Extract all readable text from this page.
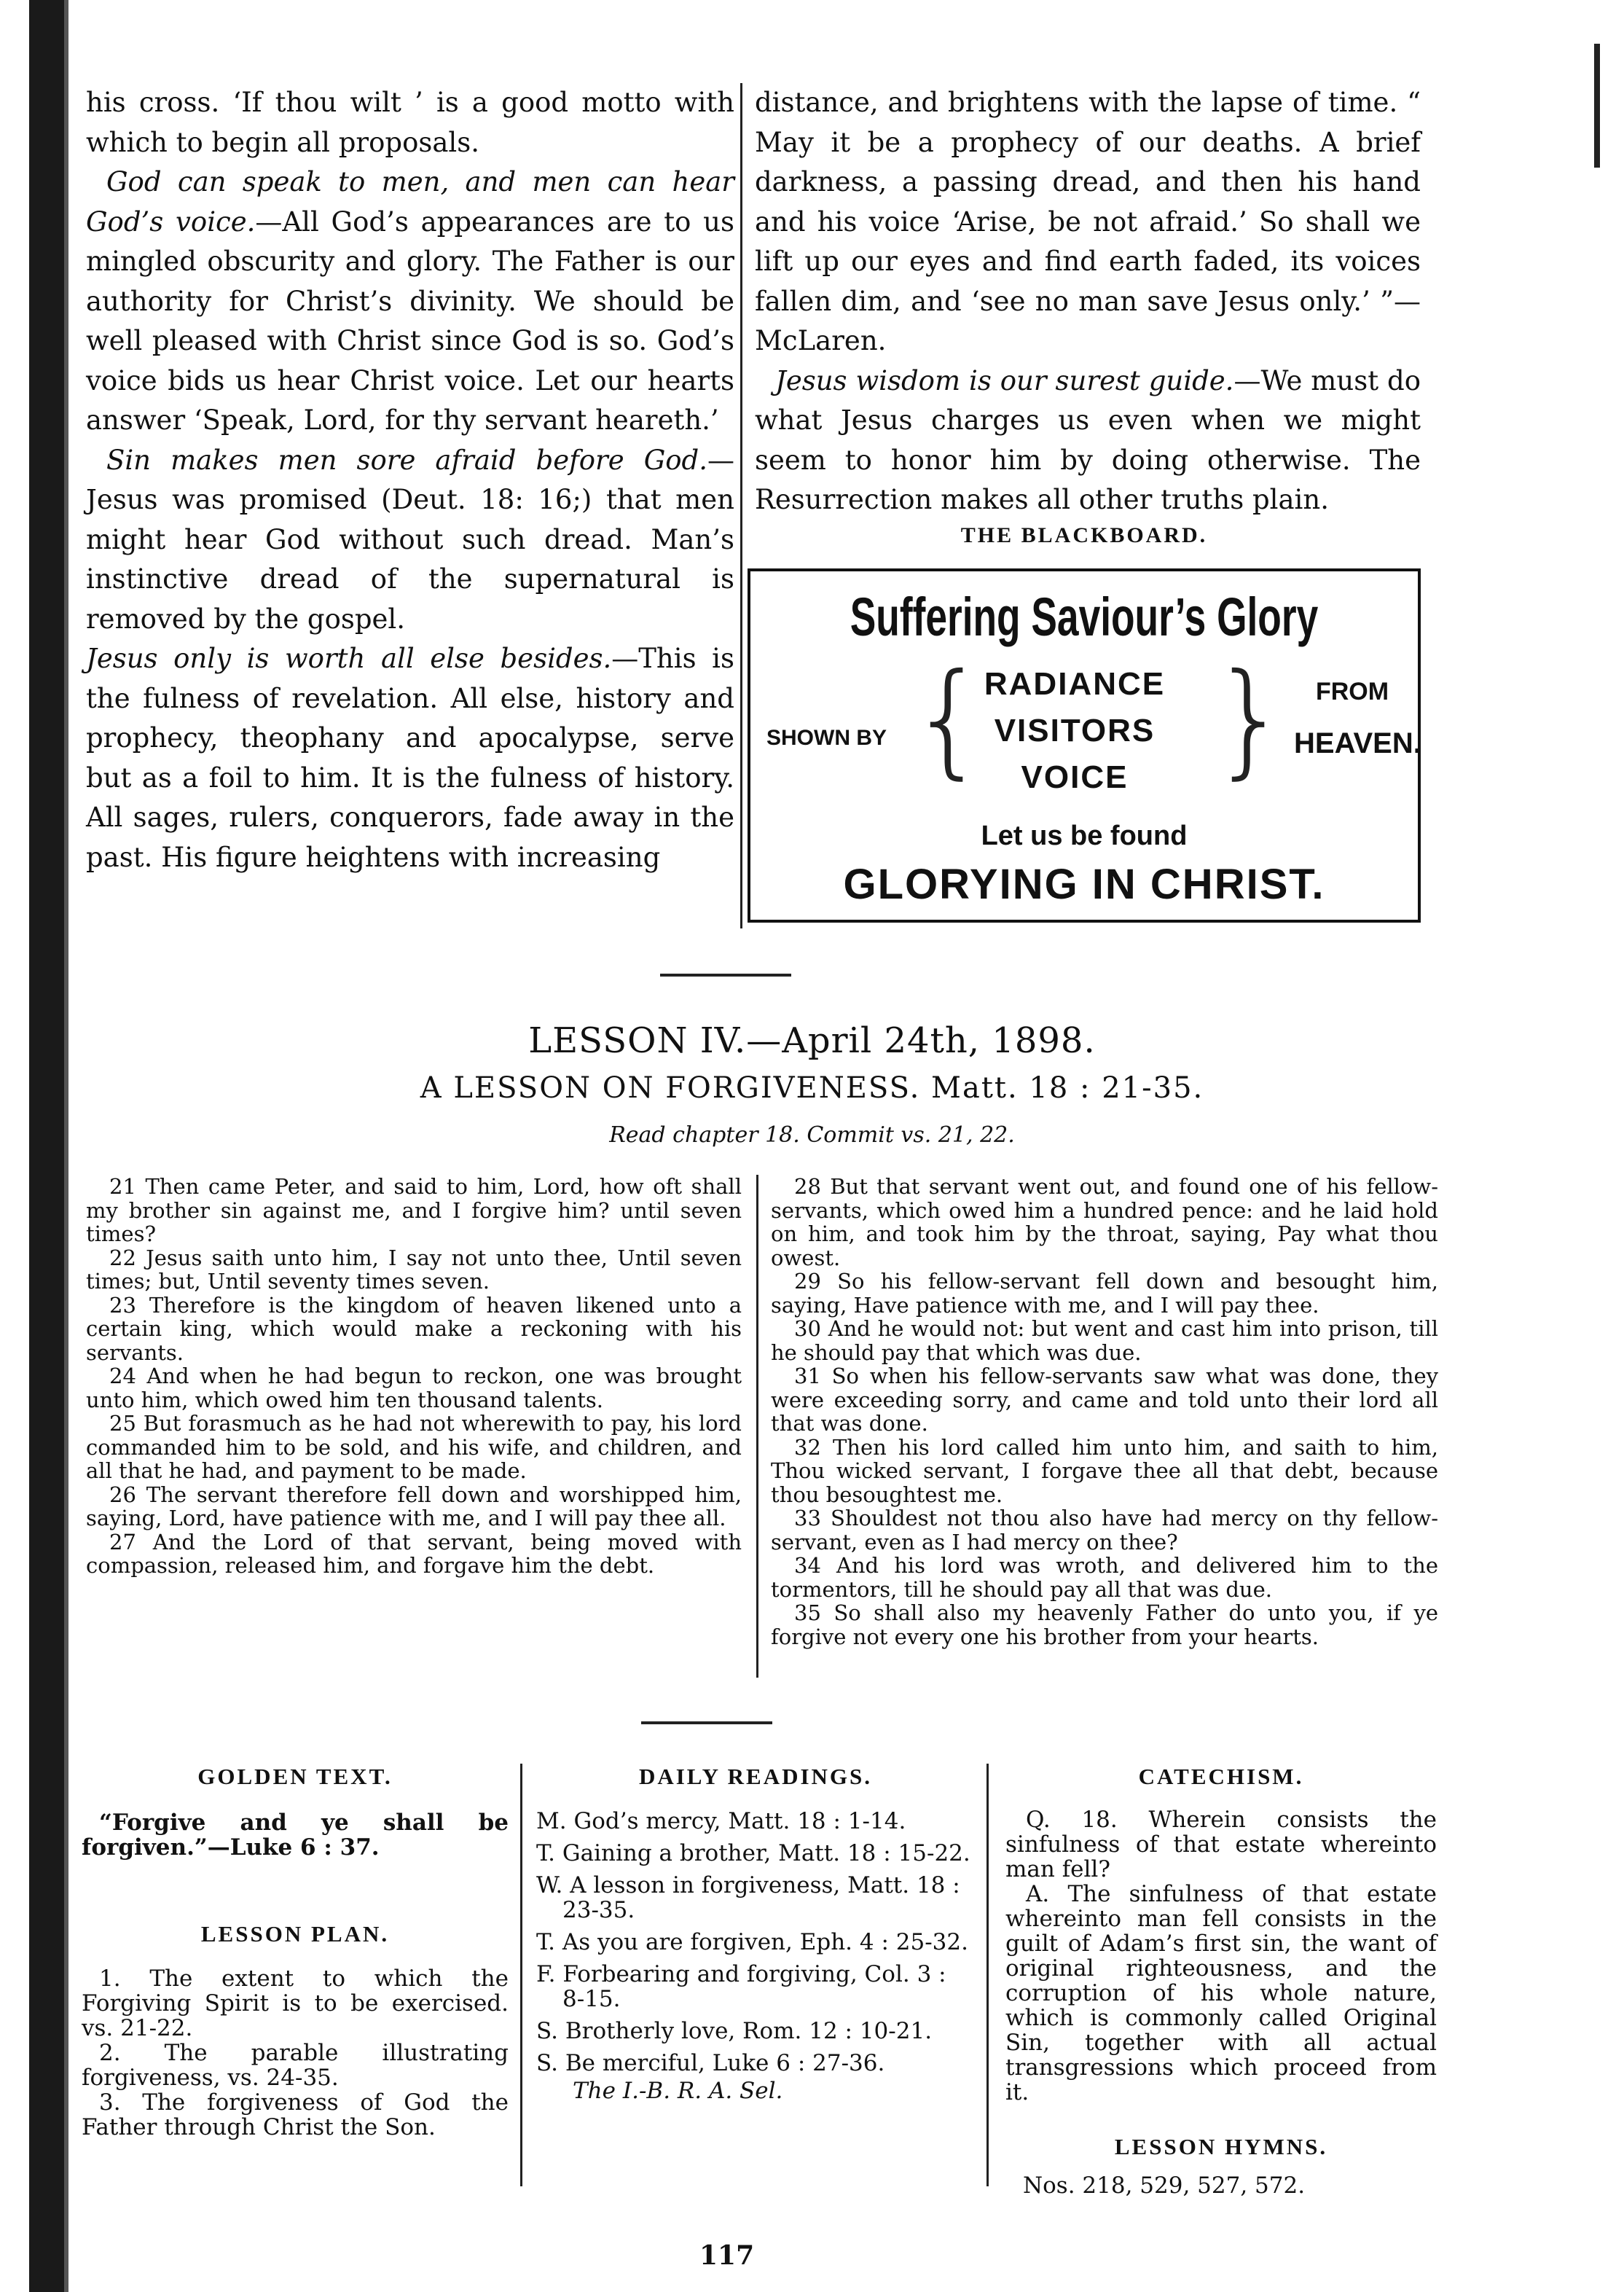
his cross. ‘If thou wilt ’ is a good motto with which to begin all proposals.

God can speak to men, and men can hear God’s voice.—All God’s appearances are to us mingled obscurity and glory. The Father is our authority for Christ’s divinity. We should be well pleased with Christ since God is so. God’s voice bids us hear Christ voice. Let our hearts answer ‘Speak, Lord, for thy servant heareth.’

Sin makes men sore afraid before God.—Jesus was promised (Deut. 18: 16;) that men might hear God without such dread. Man’s instinctive dread of the supernatural is removed by the gospel.

Jesus only is worth all else besides.—This is the fulness of revelation. All else, history and prophecy, theophany and apocalypse, serve but as a foil to him. It is the fulness of history. All sages, rulers, conquerors, fade away in the past. His figure heightens with increasing

distance, and brightens with the lapse of time. “ May it be a prophecy of our deaths. A brief darkness, a passing dread, and then his hand and his voice ‘Arise, be not afraid.’ So shall we lift up our eyes and find earth faded, its voices fallen dim, and ‘see no man save Jesus only.’ ”—McLaren.

Jesus wisdom is our surest guide.—We must do what Jesus charges us even when we might seem to honor him by doing otherwise. The Resurrection makes all other truths plain.

THE BLACKBOARD.
Suffering Saviour’s Glory
SHOWN BY {
RADIANCE
VISITORS
VOICE }	FROM
HEAVEN.
Let us be found
GLORYING IN CHRIST.
LESSON IV.—April 24th, 1898.
A LESSON ON FORGIVENESS. Matt. 18 : 21-35.
Read chapter 18. Commit vs. 21, 22.

21 Then came Peter, and said to him, Lord, how oft shall my brother sin against me, and I forgive him? until seven times?

22 Jesus saith unto him, I say not unto thee, Until seven times; but, Until seventy times seven.

23 Therefore is the kingdom of heaven likened unto a certain king, which would make a reckoning with his servants.

24 And when he had begun to reckon, one was brought unto him, which owed him ten thousand talents.

25 But forasmuch as he had not wherewith to pay, his lord commanded him to be sold, and his wife, and children, and all that he had, and payment to be made.

26 The servant therefore fell down and worshipped him, saying, Lord, have patience with me, and I will pay thee all.

27 And the Lord of that servant, being moved with compassion, released him, and forgave him the debt.

28 But that servant went out, and found one of his fellow-servants, which owed him a hundred pence: and he laid hold on him, and took him by the throat, saying, Pay what thou owest.

29 So his fellow-servant fell down and besought him, saying, Have patience with me, and I will pay thee.

30 And he would not: but went and cast him into prison, till he should pay that which was due.

31 So when his fellow-servants saw what was done, they were exceeding sorry, and came and told unto their lord all that was done.

32 Then his lord called him unto him, and saith to him, Thou wicked servant, I forgave thee all that debt, because thou besoughtest me.

33 Shouldest not thou also have had mercy on thy fellow-servant, even as I had mercy on thee?

34 And his lord was wroth, and delivered him to the tormentors, till he should pay all that was due.

35 So shall also my heavenly Father do unto you, if ye forgive not every one his brother from your hearts.

GOLDEN TEXT.
“Forgive and ye shall be forgiven.”—Luke 6 : 37.
LESSON PLAN.
1. The extent to which the Forgiving Spirit is to be exercised. vs. 21-22.
2. The parable illustrating forgiveness, vs. 24-35.
3. The forgiveness of God the Father through Christ the Son.
DAILY READINGS.

M. God’s mercy, Matt. 18 : 1-14.

T. Gaining a brother, Matt. 18 : 15-22.

W. A lesson in forgiveness, Matt. 18 : 23-35.

T. As you are forgiven, Eph. 4 : 25-32.

F. Forbearing and forgiving, Col. 3 : 8-15.

S. Brotherly love, Rom. 12 : 10-21.

S. Be merciful, Luke 6 : 27-36.

The I.-B. R. A. Sel.
CATECHISM.
Q. 18. Wherein consists the sinfulness of that estate whereinto man fell?
A. The sinfulness of that estate whereinto man fell consists in the guilt of Adam’s first sin, the want of original righteousness, and the corruption of his whole nature, which is commonly called Original Sin, together with all actual transgressions which proceed from it.
LESSON HYMNS.
Nos. 218, 529, 527, 572.
117
